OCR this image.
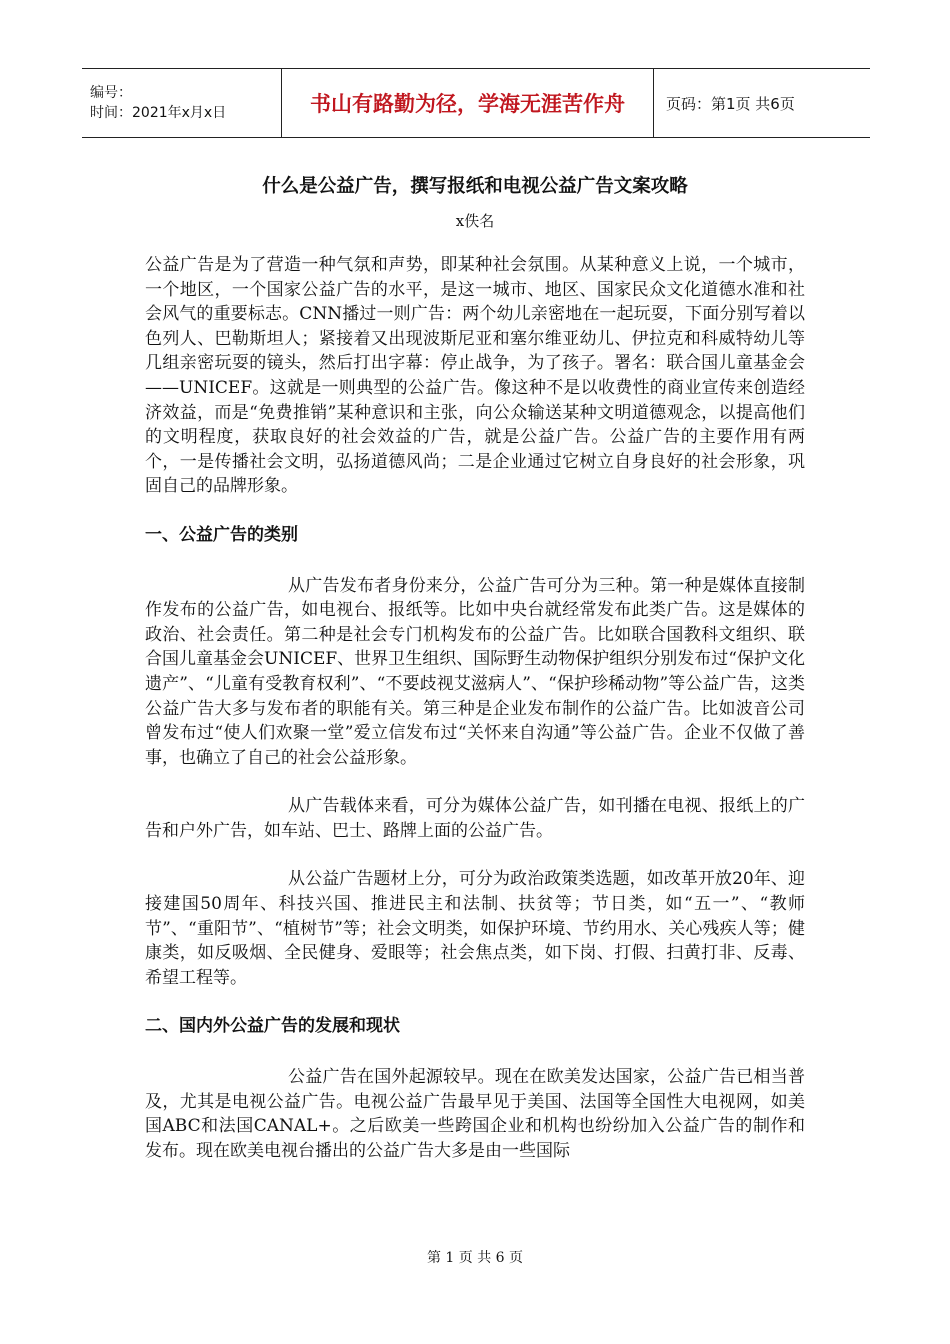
编号：
时间：2021年x月x日	书山有路勤为径，学海无涯苦作舟	页码：第1页 共6页
什么是公益广告，撰写报纸和电视公益广告文案攻略
x佚名

公益广告是为了营造一种气氛和声势，即某种社会氛围。从某种意义上说，一个城市，一个地区，一个国家公益广告的水平，是这一城市、地区、国家民众文化道德水准和社会风气的重要标志。CNN播过一则广告：两个幼儿亲密地在一起玩耍，下面分别写着以色列人、巴勒斯坦人；紧接着又出现波斯尼亚和塞尔维亚幼儿、伊拉克和科威特幼儿等几组亲密玩耍的镜头，然后打出字幕：停止战争，为了孩子。署名：联合国儿童基金会——UNICEF。这就是一则典型的公益广告。像这种不是以收费性的商业宣传来创造经济效益，而是“免费推销”某种意识和主张，向公众输送某种文明道德观念，以提高他们的文明程度，获取良好的社会效益的广告，就是公益广告。公益广告的主要作用有两个，一是传播社会文明，弘扬道德风尚；二是企业通过它树立自身良好的社会形象，巩固自己的品牌形象。

一、公益广告的类别

从广告发布者身份来分，公益广告可分为三种。第一种是媒体直接制作发布的公益广告，如电视台、报纸等。比如中央台就经常发布此类广告。这是媒体的政治、社会责任。第二种是社会专门机构发布的公益广告。比如联合国教科文组织、联合国儿童基金会UNICEF、世界卫生组织、国际野生动物保护组织分别发布过“保护文化遗产”、“儿童有受教育权利”、“不要歧视艾滋病人”、“保护珍稀动物”等公益广告，这类公益广告大多与发布者的职能有关。第三种是企业发布制作的公益广告。比如波音公司曾发布过“使人们欢聚一堂”爱立信发布过“关怀来自沟通”等公益广告。企业不仅做了善事，也确立了自己的社会公益形象。

从广告载体来看，可分为媒体公益广告，如刊播在电视、报纸上的广告和户外广告，如车站、巴士、路牌上面的公益广告。

从公益广告题材上分，可分为政治政策类选题，如改革开放20年、迎接建国50周年、科技兴国、推进民主和法制、扶贫等；节日类，如“五一”、“教师节”、“重阳节”、“植树节”等；社会文明类，如保护环境、节约用水、关心残疾人等；健康类，如反吸烟、全民健身、爱眼等；社会焦点类，如下岗、打假、扫黄打非、反毒、希望工程等。

二、国内外公益广告的发展和现状

公益广告在国外起源较早。现在在欧美发达国家，公益广告已相当普及，尤其是电视公益广告。电视公益广告最早见于美国、法国等全国性大电视网，如美国ABC和法国CANAL+。之后欧美一些跨国企业和机构也纷纷加入公益广告的制作和发布。现在欧美电视台播出的公益广告大多是由一些国际

第 1 页 共 6 页
